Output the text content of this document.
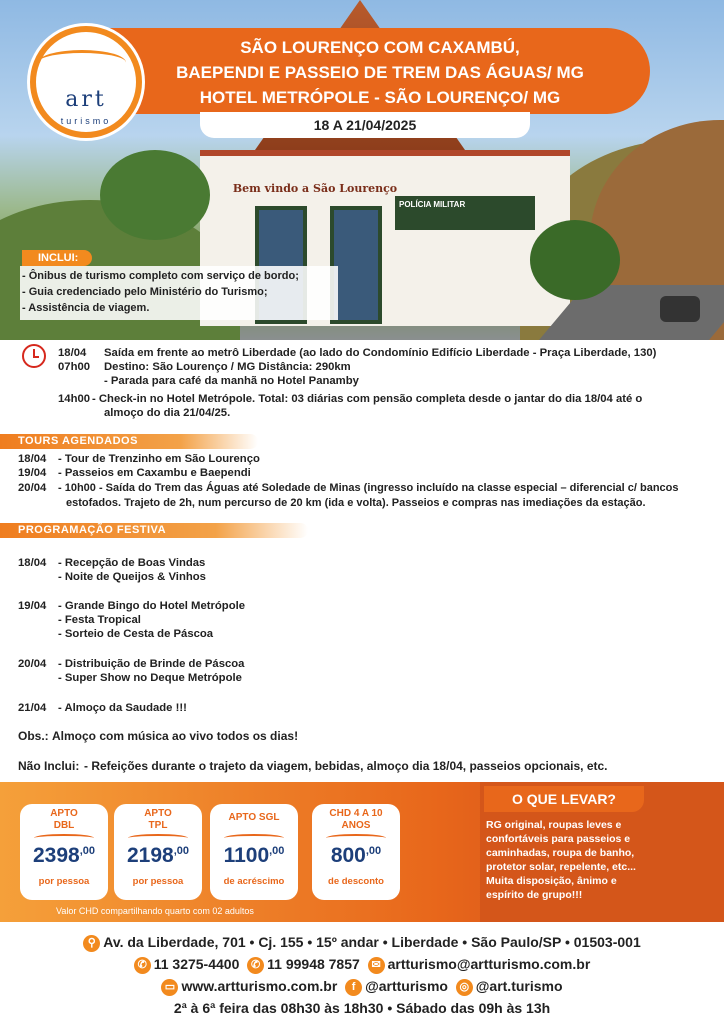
Bem vindo a São Lourenço
POLÍCIA MILITAR
art
turismo
SÃO LOURENÇO COM CAXAMBÚ,
BAEPENDI E PASSEIO DE TREM DAS ÁGUAS/ MG
HOTEL METRÓPOLE - SÃO LOURENÇO/ MG
18 A 21/04/2025
INCLUI:
- Ônibus de turismo completo com serviço de bordo;
- Guia credenciado pelo Ministério do Turismo;
- Assistência de viagem.
18/04
07h00
Saída em frente ao metrô Liberdade (ao lado do Condomínio Edifício Liberdade - Praça Liberdade, 130)
Destino: São Lourenço / MG Distância: 290km
- Parada para café da manhã no Hotel Panamby
14h00 - Check-in no Hotel Metrópole. Total: 03 diárias com pensão completa desde o jantar do dia 18/04 até o
almoço do dia 21/04/25.
TOURS AGENDADOS
18/04 - Tour de Trenzinho em São Lourenço
19/04 - Passeios em Caxambu e Baependi
20/04 - 10h00 - Saída do Trem das Águas até Soledade de Minas (ingresso incluído na classe especial – diferencial c/ bancos
estofados. Trajeto de 2h, num percurso de 20 km (ida e volta). Passeios e compras nas imediações da estação.
PROGRAMAÇÃO FESTIVA
18/04 - Recepção de Boas Vindas
- Noite de Queijos & Vinhos
19/04 - Grande Bingo do Hotel Metrópole
- Festa Tropical
- Sorteio de Cesta de Páscoa
20/04 - Distribuição de Brinde de Páscoa
- Super Show no Deque Metrópole
21/04 - Almoço da Saudade !!!
Obs.: Almoço com música ao vivo todos os dias!
Não Inclui: - Refeições durante o trajeto da viagem, bebidas, almoço dia 18/04, passeios opcionais, etc.
APTO
DBL
$2398^{,00}$
por pessoa
APTO
TPL
$2198^{,00}$
por pessoa
APTO SGL
$1100^{,00}$
de acréscimo
CHD 4 A 10
ANOS
$800^{,00}$
de desconto
Valor CHD compartilhando quarto com 02 adultos
O QUE LEVAR?
RG original, roupas leves e confortáveis para passeios e caminhadas, roupa de banho, protetor solar, repelente, etc... Muita disposição, ânimo e espírito de grupo!!!
⚲ Av. da Liberdade, 701 • Cj. 155 • 15º andar • Liberdade • São Paulo/SP • 01503-001
✆ 11 3275-4400 ✆ 11 99948 7857 ✉ artturismo@artturismo.com.br
▭ www.artturismo.com.br f @artturismo ◎ @art.turismo
2ª à 6ª feira das 08h30 às 18h30 • Sábado das 09h às 13h
